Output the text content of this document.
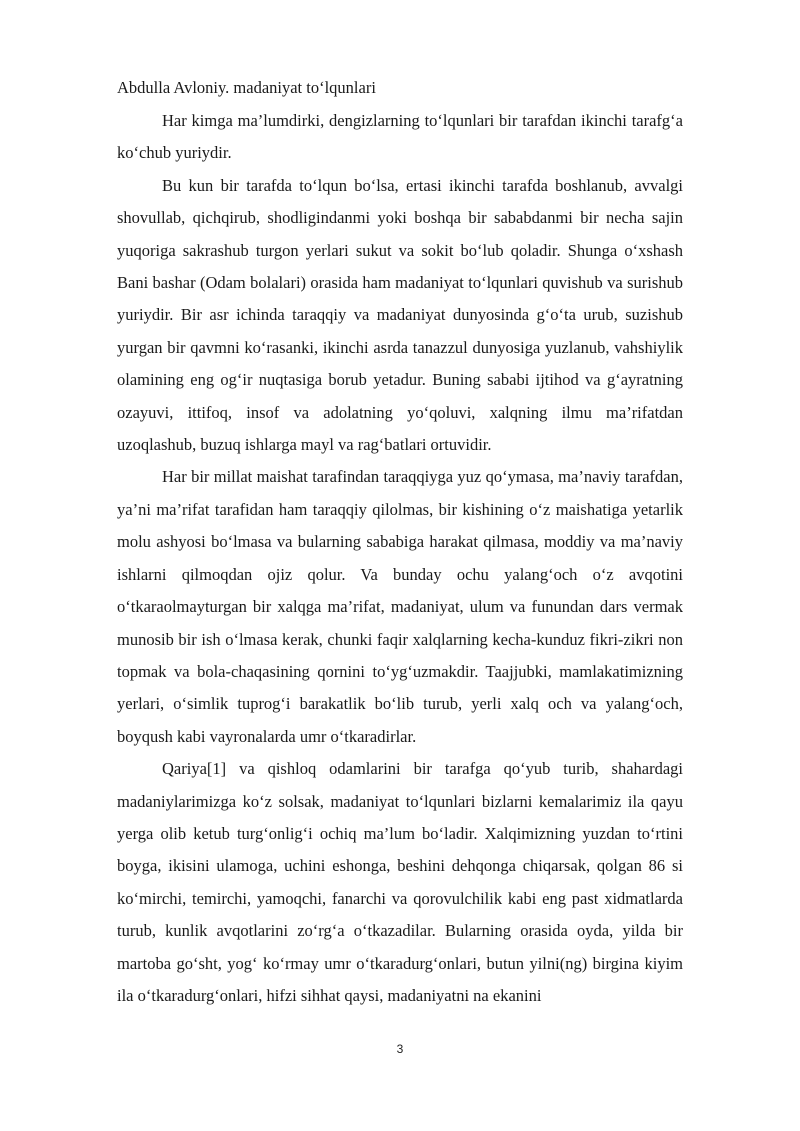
Abdulla Avloniy. madaniyat to‘lqunlari

Har kimga ma’lumdirki, dengizlarning to‘lqunlari bir tarafdan ikinchi tarafg‘a ko‘chub yuriydir.

Bu kun bir tarafda to‘lqun bo‘lsa, ertasi ikinchi tarafda boshlanub, avvalgi shovullab, qichqirub, shodligindanmi yoki boshqa bir sababdanmi bir necha sajin yuqoriga sakrashub turgon yerlari sukut va sokit bo‘lub qoladir. Shunga o‘xshash Bani bashar (Odam bolalari) orasida ham madaniyat to‘lqunlari quvishub va surishub yuriydir. Bir asr ichinda taraqqiy va madaniyat dunyosinda g‘o‘ta urub, suzishub yurgan bir qavmni ko‘rasanki, ikinchi asrda tanazzul dunyosiga yuzlanub, vahshiylik olamining eng og‘ir nuqtasiga borub yetadur. Buning sababi ijtihod va g‘ayratning ozayuvi, ittifoq, insof va adolatning yo‘qoluvi, xalqning ilmu ma’rifatdan uzoqlashub, buzuq ishlarga mayl va rag‘batlari ortuvidir.

Har bir millat maishat tarafindan taraqqiyga yuz qo‘ymasa, ma’naviy tarafdan, ya’ni ma’rifat tarafidan ham taraqqiy qilolmas, bir kishining o‘z maishatiga yetarlik molu ashyosi bo‘lmasa va bularning sababiga harakat qilmasa, moddiy va ma’naviy ishlarni qilmoqdan ojiz qolur. Va bunday ochu yalang‘och o‘z avqotini o‘tkaraolmayturgan bir xalqga ma’rifat, madaniyat, ulum va funundan dars vermak munosib bir ish o‘lmasa kerak, chunki faqir xalqlarning kecha-kunduz fikri-zikri non topmak va bola-chaqasining qornini to‘yg‘uzmakdir. Taajjubki, mamlakatimizning yerlari, o‘simlik tuprog‘i barakatlik bo‘lib turub, yerli xalq och va yalang‘och, boyqush kabi vayronalarda umr o‘tkaradirlar.

Qariya[1] va qishloq odamlarini bir tarafga qo‘yub turib, shahardagi madaniylarimizga ko‘z solsak, madaniyat to‘lqunlari bizlarni kemalarimiz ila qayu yerga olib ketub turg‘onlig‘i ochiq ma’lum bo‘ladir. Xalqimizning yuzdan to‘rtini boyga, ikisini ulamoga, uchini eshonga, beshini dehqonga chiqarsak, qolgan 86 si ko‘mirchi, temirchi, yamoqchi, fanarchi va qorovulchilik kabi eng past xidmatlarda turub, kunlik avqotlarini zo‘rg‘a o‘tkazadilar. Bularning orasida oyda, yilda bir martoba go‘sht, yog‘ ko‘rmay umr o‘tkaradurg‘onlari, butun yilni(ng) birgina kiyim ila o‘tkaradurg‘onlari, hifzi sihhat qaysi, madaniyatni na ekanini

3
